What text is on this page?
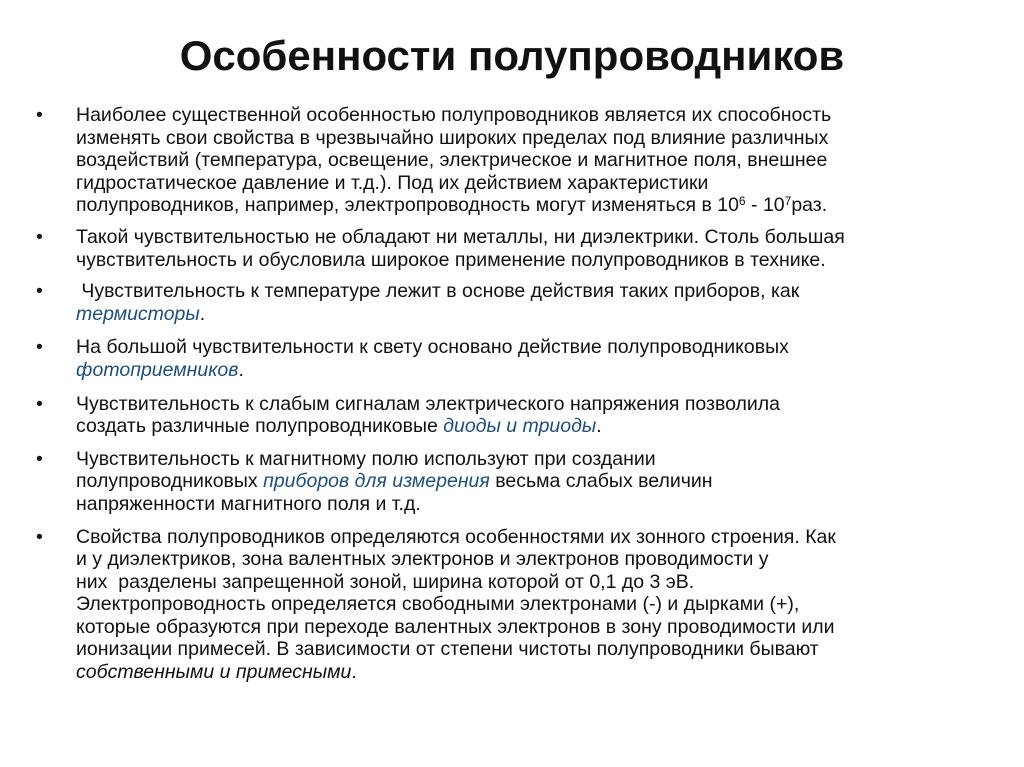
Особенности полупроводников
•	Наиболее существенной особенностью полупроводников является их способность
изменять свои свойства в чрезвычайно широких пределах под влияние различных
воздействий (температура, освещение, электрическое и магнитное поля, внешнее
гидростатическое давление и т.д.). Под их действием характеристики
полупроводников, например, электропроводность могут изменяться в $10^6 - 10^7раз$.
•	Такой чувствительностью не обладают ни металлы, ни диэлектрики. Столь большая
чувствительность и обусловила широкое применение полупроводников в технике.
•	Чувствительность к температуре лежит в основе действия таких приборов, как
термисторы.
•	На большой чувствительности к свету основано действие полупроводниковых
фотоприемников.
•	Чувствительность к слабым сигналам электрического напряжения позволила
создать различные полупроводниковые диоды и триоды.
•	Чувствительность к магнитному полю используют при создании
полупроводниковых приборов для измерения весьма слабых величин
напряженности магнитного поля и т.д.
•	Свойства полупроводников определяются особенностями их зонного строения. Как
и у диэлектриков, зона валентных электронов и электронов проводимости у
них  разделены запрещенной зоной, ширина которой от 0,1 до 3 эВ.
Электропроводность определяется свободными электронами (-) и дырками (+),
которые образуются при переходе валентных электронов в зону проводимости или
ионизации примесей. В зависимости от степени чистоты полупроводники бывают
собственными и примесными.
